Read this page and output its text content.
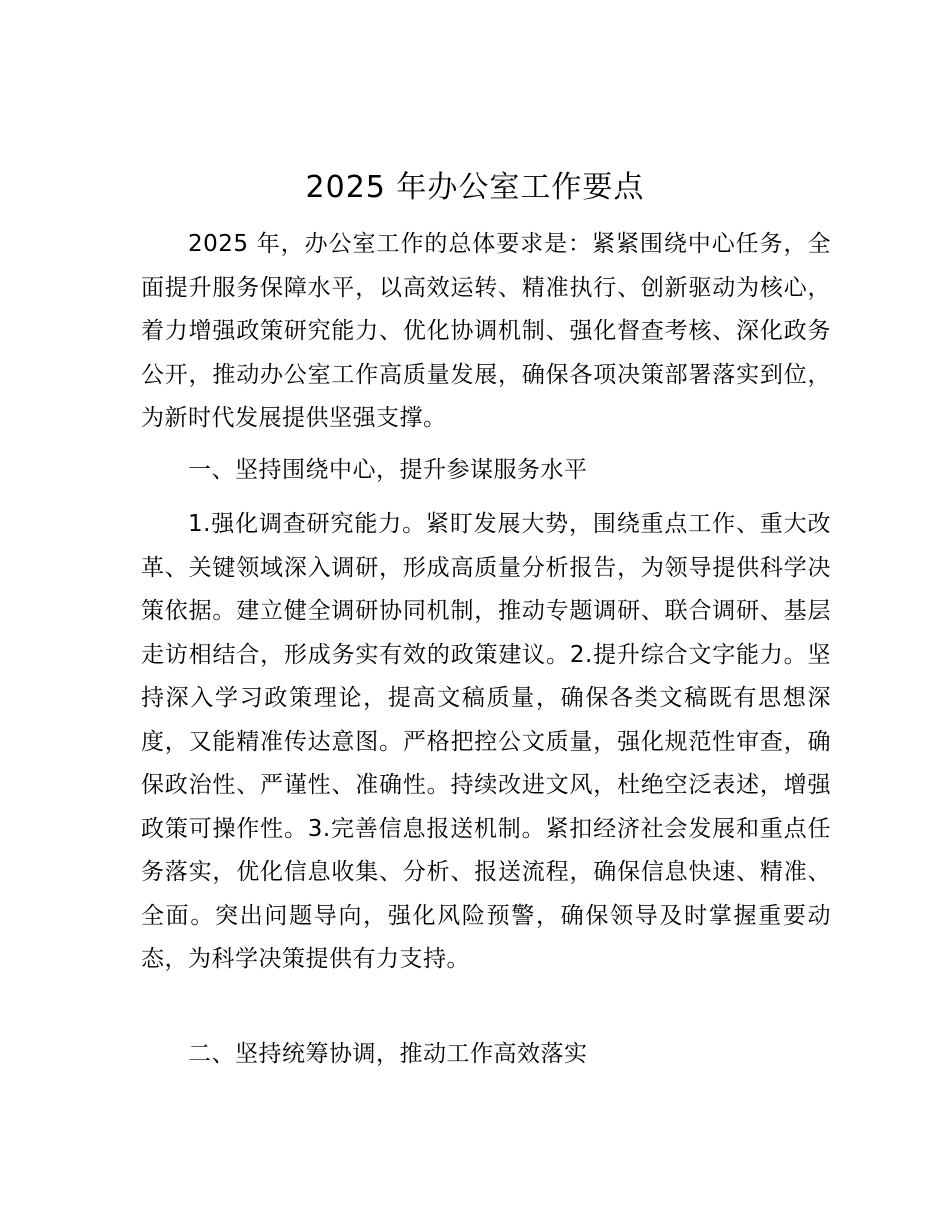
2025 年办公室工作要点

2025 年，办公室工作的总体要求是：紧紧围绕中心任务，全面提升服务保障水平，以高效运转、精准执行、创新驱动为核心，着力增强政策研究能力、优化协调机制、强化督查考核、深化政务公开，推动办公室工作高质量发展，确保各项决策部署落实到位，为新时代发展提供坚强支撑。

一、坚持围绕中心，提升参谋服务水平

1.强化调查研究能力。紧盯发展大势，围绕重点工作、重大改革、关键领域深入调研，形成高质量分析报告，为领导提供科学决策依据。建立健全调研协同机制，推动专题调研、联合调研、基层走访相结合，形成务实有效的政策建议。2.提升综合文字能力。坚持深入学习政策理论，提高文稿质量，确保各类文稿既有思想深度，又能精准传达意图。严格把控公文质量，强化规范性审查，确保政治性、严谨性、准确性。持续改进文风，杜绝空泛表述，增强政策可操作性。3.完善信息报送机制。紧扣经济社会发展和重点任务落实，优化信息收集、分析、报送流程，确保信息快速、精准、全面。突出问题导向，强化风险预警，确保领导及时掌握重要动态，为科学决策提供有力支持。

二、坚持统筹协调，推动工作高效落实
